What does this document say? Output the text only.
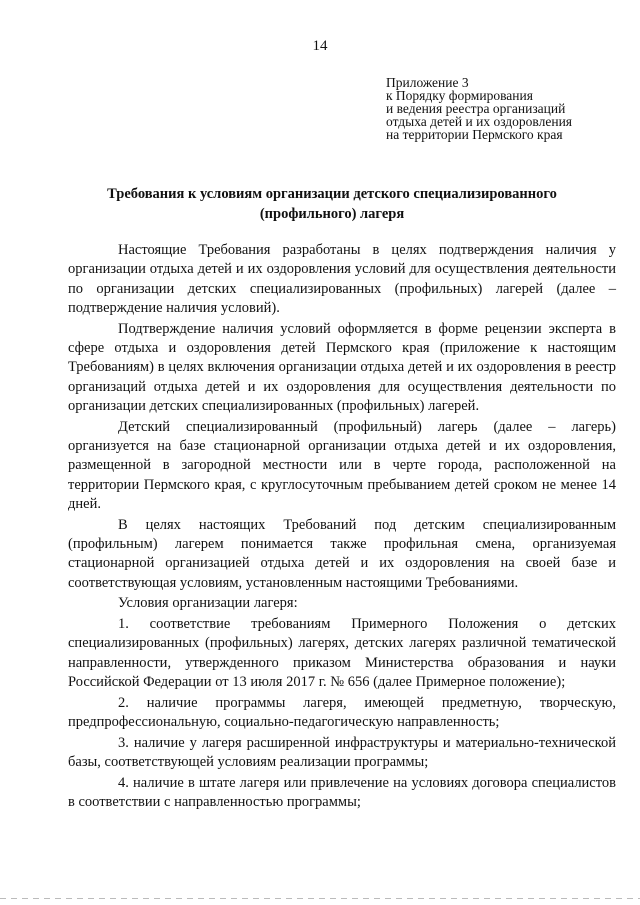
14
Приложение 3
к Порядку формирования
и ведения реестра организаций
отдыха детей и их оздоровления
на территории Пермского края
Требования к условиям организации детского специализированного
(профильного) лагеря

Настоящие Требования разработаны в целях подтверждения наличия у организации отдыха детей и их оздоровления условий для осуществления деятельности по организации детских специализированных (профильных) лагерей (далее – подтверждение наличия условий).

Подтверждение наличия условий оформляется в форме рецензии эксперта в сфере отдыха и оздоровления детей Пермского края (приложение к настоящим Требованиям) в целях включения организации отдыха детей и их оздоровления в реестр организаций отдыха детей и их оздоровления для осуществления деятельности по организации детских специализированных (профильных) лагерей.

Детский специализированный (профильный) лагерь (далее – лагерь) организуется на базе стационарной организации отдыха детей и их оздоровления, размещенной в загородной местности или в черте города, расположенной на территории Пермского края, с круглосуточным пребыванием детей сроком не менее 14 дней.

В целях настоящих Требований под детским специализированным (профильным) лагерем понимается также профильная смена, организуемая стационарной организацией отдыха детей и их оздоровления на своей базе и соответствующая условиям, установленным настоящими Требованиями.

Условия организации лагеря:

1. соответствие требованиям Примерного Положения о детских специализированных (профильных) лагерях, детских лагерях различной тематической направленности, утвержденного приказом Министерства образования и науки Российской Федерации от 13 июля 2017 г. № 656 (далее Примерное положение);

2. наличие программы лагеря, имеющей предметную, творческую, предпрофессиональную, социально-педагогическую направленность;

3. наличие у лагеря расширенной инфраструктуры и материально-технической базы, соответствующей условиям реализации программы;

4. наличие в штате лагеря или привлечение на условиях договора специалистов в соответствии с направленностью программы;
